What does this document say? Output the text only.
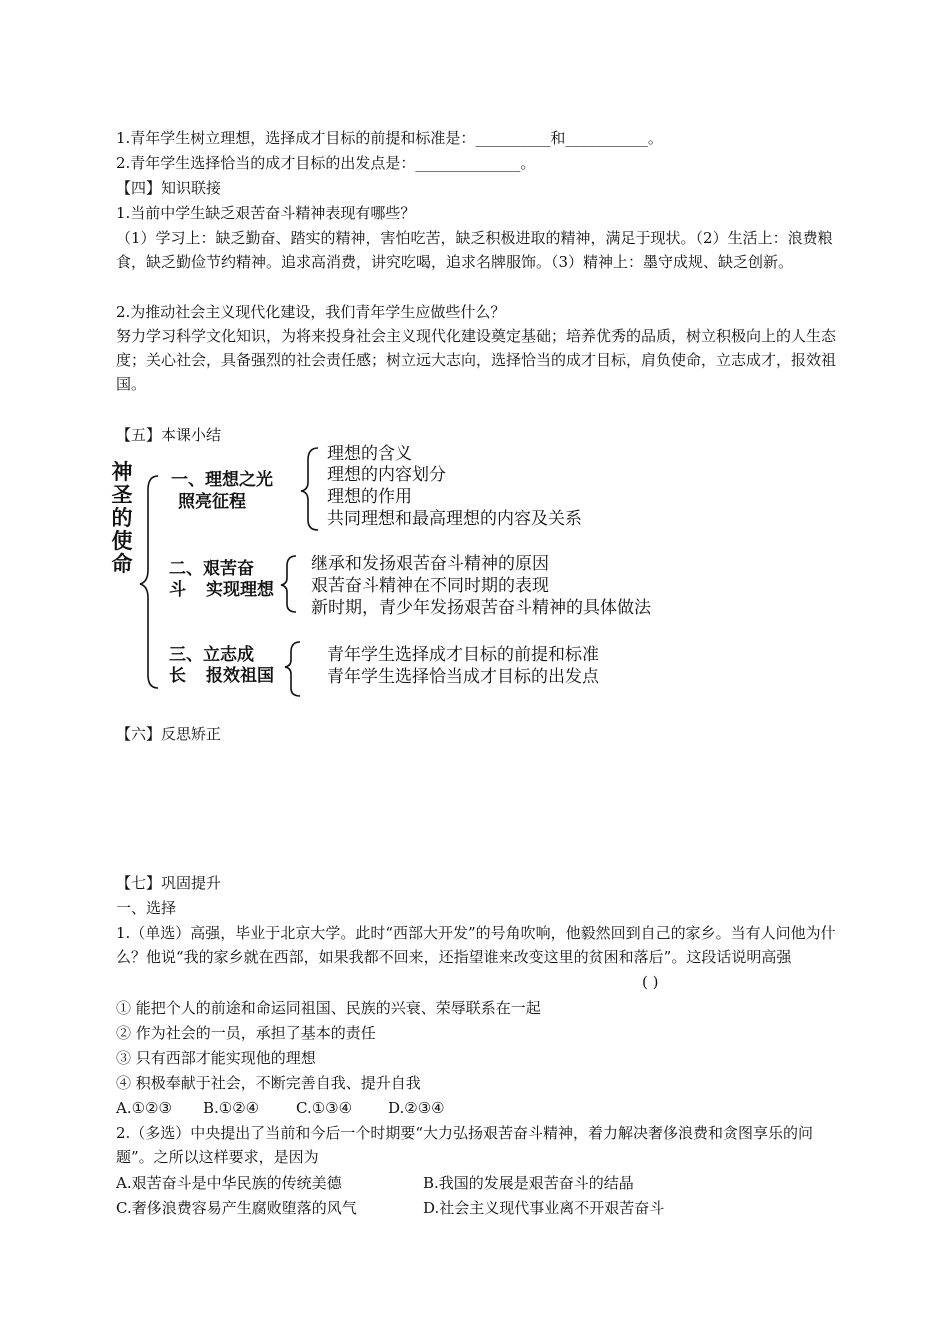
1.青年学生树立理想，选择成才目标的前提和标准是：__________和___________。
2.青年学生选择恰当的成才目标的出发点是：______________。
【四】知识联接
1.当前中学生缺乏艰苦奋斗精神表现有哪些？
（1）学习上：缺乏勤奋、踏实的精神，害怕吃苦，缺乏积极进取的精神，满足于现状。（2）生活上：浪费粮食，缺乏勤俭节约精神。追求高消费，讲究吃喝，追求名牌服饰。（3）精神上：墨守成规、缺乏创新。
2.为推动社会主义现代化建设，我们青年学生应做些什么？
努力学习科学文化知识，为将来投身社会主义现代化建设奠定基础；培养优秀的品质，树立积极向上的人生态度；关心社会，具备强烈的社会责任感；树立远大志向，选择恰当的成才目标，肩负使命，立志成才，报效祖国。
【五】本课小结
神圣的使命
一、理想之光
照亮征程
理想的含义
理想的内容划分
理想的作用
共同理想和最高理想的内容及关系
二、艰苦奋斗	实现理想
继承和发扬艰苦奋斗精神的原因
艰苦奋斗精神在不同时期的表现
新时期，青少年发扬艰苦奋斗精神的具体做法
三、立志成长	报效祖国
青年学生选择成才目标的前提和标准
青年学生选择恰当成才目标的出发点
【六】反思矫正
【七】巩固提升
一、选择
1.（单选）高强，毕业于北京大学。此时“西部大开发”的号角吹响，他毅然回到自己的家乡。当有人问他为什么？他说“我的家乡就在西部，如果我都不回来，还指望谁来改变这里的贫困和落后”。这段话说明高强
( )
① 能把个人的前途和命运同祖国、民族的兴衰、荣辱联系在一起
② 作为社会的一员，承担了基本的责任
③ 只有西部才能实现他的理想
④ 积极奉献于社会，不断完善自我、提升自我
A.①②③ B.①②④ C.①③④ D.②③④
2.（多选）中央提出了当前和今后一个时期要“大力弘扬艰苦奋斗精神，着力解决奢侈浪费和贪图享乐的问题”。之所以这样要求，是因为
A.艰苦奋斗是中华民族的传统美德	B.我国的发展是艰苦奋斗的结晶
C.奢侈浪费容易产生腐败堕落的风气	D.社会主义现代事业离不开艰苦奋斗
